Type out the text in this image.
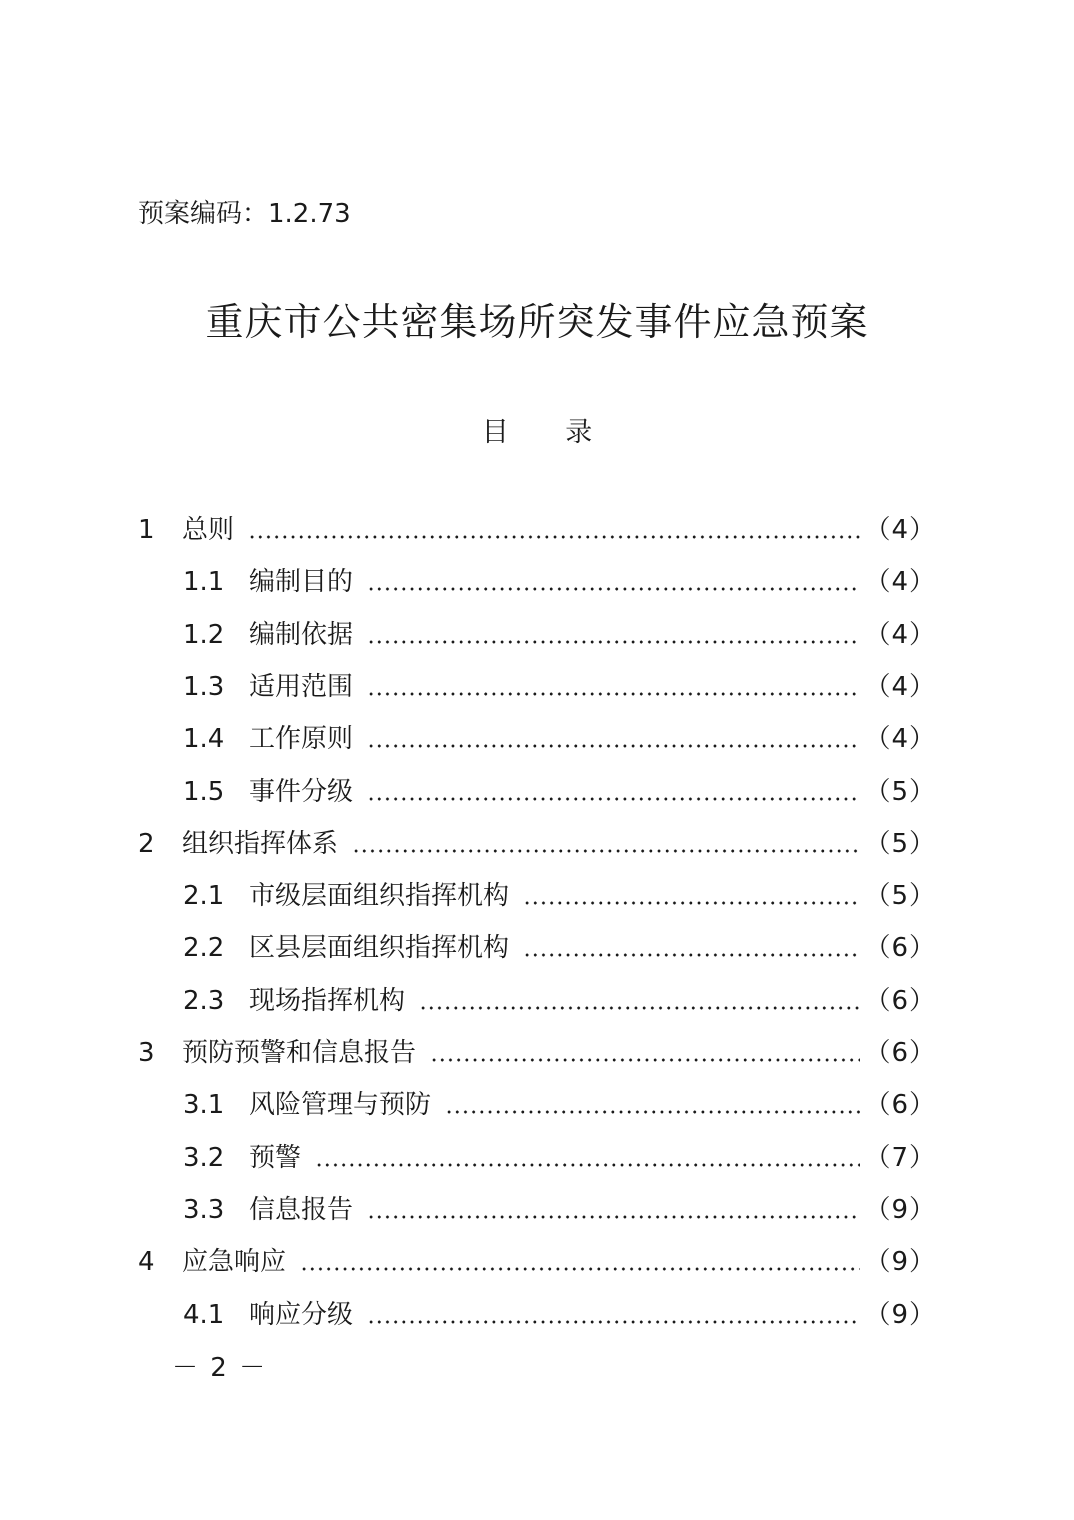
预案编码：1.2.73
重庆市公共密集场所突发事件应急预案
目 录
1	总则	（4）
1.1 编制目的	（4）
1.2 编制依据	（4）
1.3 适用范围	（4）
1.4 工作原则	（4）
1.5 事件分级	（5）
2	组织指挥体系	（5）
2.1 市级层面组织指挥机构	（5）
2.2 区县层面组织指挥机构	（6）
2.3 现场指挥机构	（6）
3	预防预警和信息报告	（6）
3.1 风险管理与预防	（6）
3.2 预警	（7）
3.3 信息报告	（9）
4	应急响应	（9）
4.1 响应分级	（9）
－ 2 －
